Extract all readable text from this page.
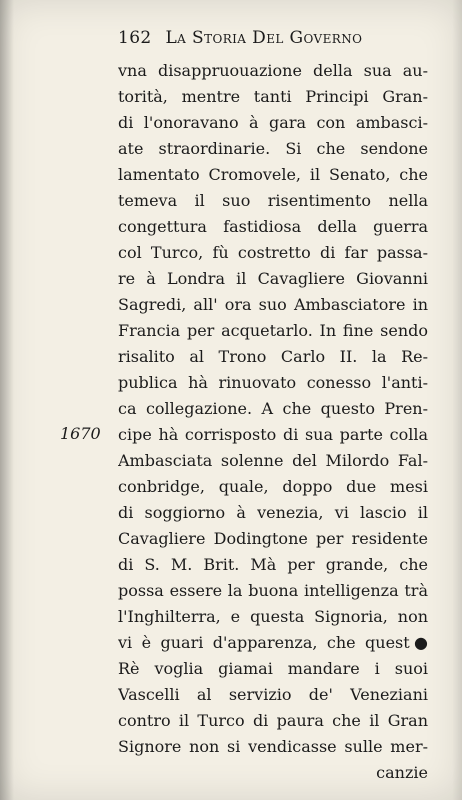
162 La Storia Del Governo
1670
vna disappruouazione della sua au-
torità, mentre tanti Principi Gran-
di l'onoravano à gara con ambasci-
ate straordinarie. Si che sendone
lamentato Cromovele, il Senato, che
temeva il suo risentimento nella
congettura fastidiosa della guerra
col Turco, fù costretto di far passa-
re à Londra il Cavagliere Giovanni
Sagredi, all' ora suo Ambasciatore in
Francia per acquetarlo. In fine sendo
risalito al Trono Carlo II. la Re-
publica hà rinuovato conesso l'anti-
ca collegazione. A che questo Pren-
cipe hà corrisposto di sua parte colla
Ambasciata solenne del Milordo Fal-
conbridge, quale, doppo due mesi
di soggiorno à venezia, vi lascio il
Cavagliere Dodingtone per residente
di S. M. Brit. Mà per grande, che
possa essere la buona intelligenza trà
l'Inghilterra, e questa Signoria, non
vi è guari d'apparenza, che quest●
Rè voglia giamai mandare i suoi
Vascelli al servizio de' Veneziani
contro il Turco di paura che il Gran
Signore non si vendicasse sulle mer-
canzie
